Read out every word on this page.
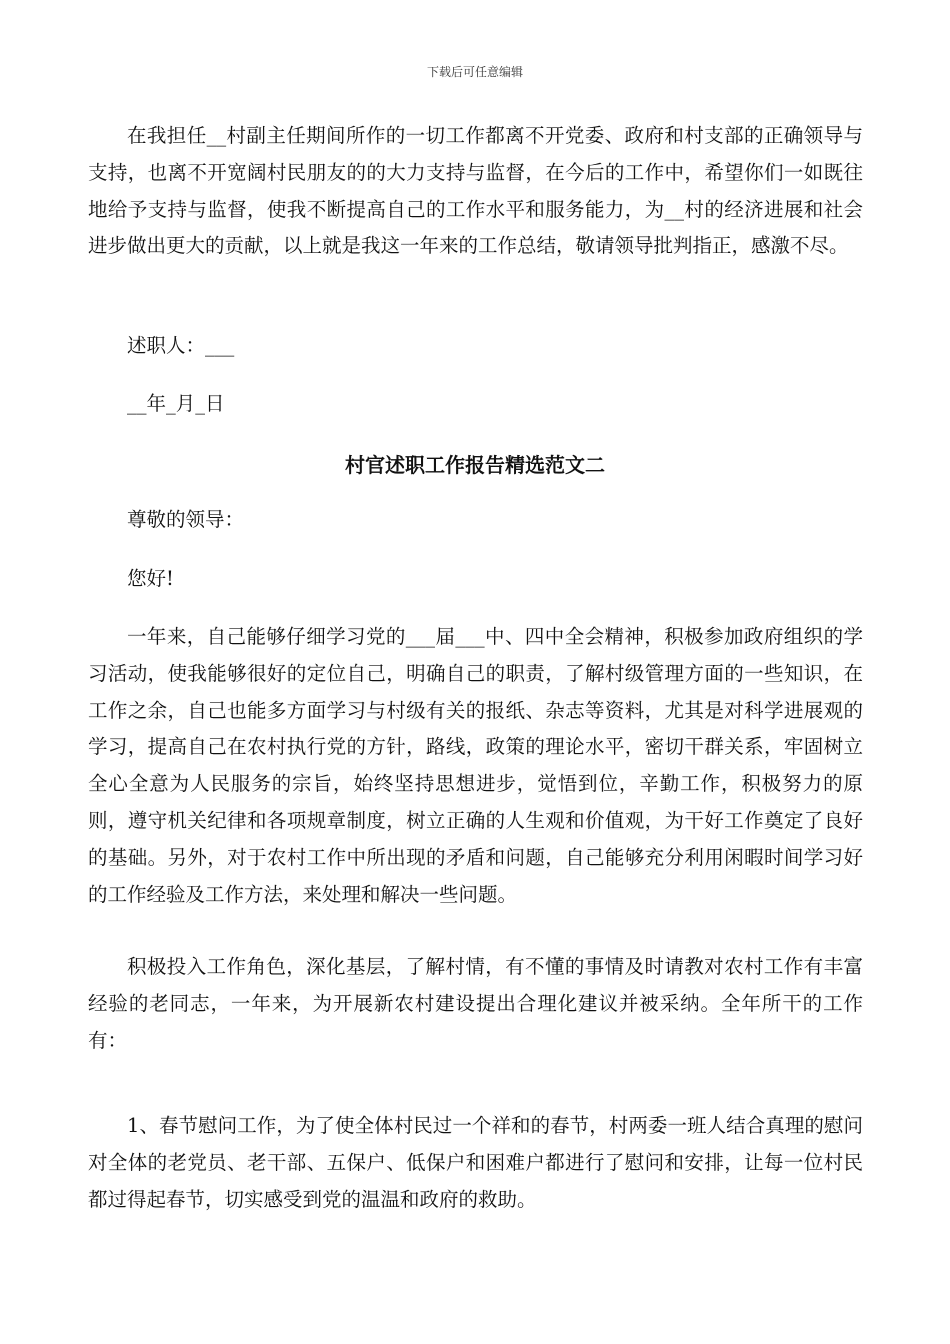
下载后可任意编辑

在我担任__村副主任期间所作的一切工作都离不开党委、政府和村支部的正确领导与支持，也离不开宽阔村民朋友的的大力支持与监督，在今后的工作中，希望你们一如既往地给予支持与监督，使我不断提高自己的工作水平和服务能力，为__村的经济进展和社会进步做出更大的贡献，以上就是我这一年来的工作总结，敬请领导批判指正，感激不尽。

述职人：___

__年_月_日

村官述职工作报告精选范文二

尊敬的领导：

您好!

一年来，自己能够仔细学习党的___届___中、四中全会精神，积极参加政府组织的学习活动，使我能够很好的定位自己，明确自己的职责，了解村级管理方面的一些知识，在工作之余，自己也能多方面学习与村级有关的报纸、杂志等资料，尤其是对科学进展观的学习，提高自己在农村执行党的方针，路线，政策的理论水平，密切干群关系，牢固树立全心全意为人民服务的宗旨，始终坚持思想进步，觉悟到位，辛勤工作，积极努力的原则，遵守机关纪律和各项规章制度，树立正确的人生观和价值观，为干好工作奠定了良好的基础。另外，对于农村工作中所出现的矛盾和问题，自己能够充分利用闲暇时间学习好的工作经验及工作方法，来处理和解决一些问题。

积极投入工作角色，深化基层，了解村情，有不懂的事情及时请教对农村工作有丰富经验的老同志，一年来，为开展新农村建设提出合理化建议并被采纳。全年所干的工作有：

1、春节慰问工作，为了使全体村民过一个祥和的春节，村两委一班人结合真理的慰问对全体的老党员、老干部、五保户、低保户和困难户都进行了慰问和安排，让每一位村民都过得起春节，切实感受到党的温温和政府的救助。
